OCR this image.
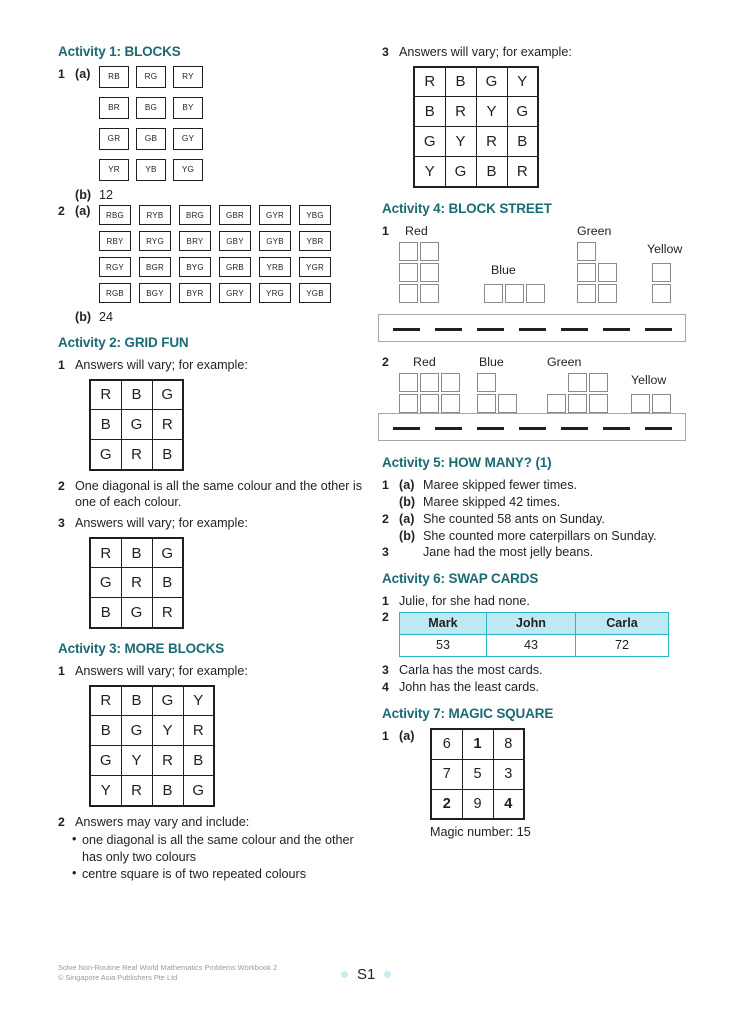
Activity 1: BLOCKS
1 (a)	RB	RG	RY
BR	BG	BY
GR	GB	GY
YR	YB	YG
(b) 12
2 (a)	RBG	RYB	BRG	GBR	GYR	YBG
RBY	RYG	BRY	GBY	GYB	YBR
RGY	BGR	BYG	GRB	YRB	YGR
RGB	BGY	BYR	GRY	YRG	YGB
(b) 24
Activity 2: GRID FUN
1 Answers will vary; for example:
R	B	G
B	G	R
G	R	B
2 One diagonal is all the same colour and the other is one of each colour.
3 Answers will vary; for example:
R	B	G
G	R	B
B	G	R
Activity 3: MORE BLOCKS
1 Answers will vary; for example:
R	B	G	Y
B	G	Y	R
G	Y	R	B
Y	R	B	G
2 Answers may vary and include:
• one diagonal is all the same colour and the other has only two colours
• centre square is of two repeated colours
3 Answers will vary; for example:
R	B	G	Y
B	R	Y	G
G	Y	R	B
Y	G	B	R
Activity 4: BLOCK STREET
1	Red
Blue
Green
Yellow
2	Red	Blue	Green
Yellow
Activity 5: HOW MANY? (1)
1 (a) Maree skipped fewer times.
(b) Maree skipped 42 times.
2 (a) She counted 58 ants on Sunday.
(b) She counted more caterpillars on Sunday.
3	Jane had the most jelly beans.
Activity 6: SWAP CARDS
1 Julie, for she had none.
2	Mark	John	Carla
53	43	72
3 Carla has the most cards.
4 John has the least cards.
Activity 7: MAGIC SQUARE
1 (a)	6	1	8
7	5	3
2	9	4
Magic number: 15
Solve Non-Routine Real World Mathematics Problems Workbook 2
© Singapore Asia Publishers Pte Ltd	S1
